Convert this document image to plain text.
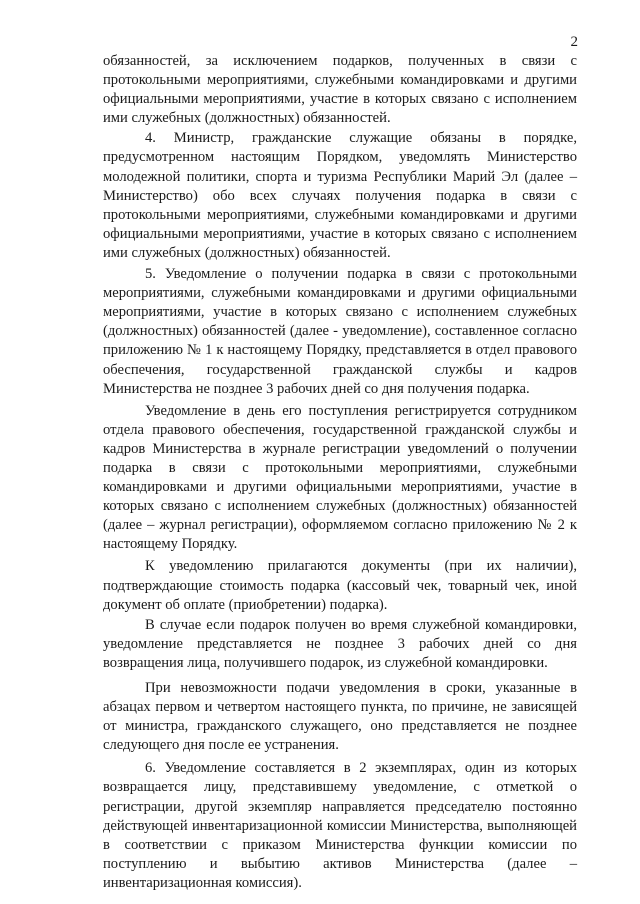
2

обязанностей, за исключением подарков, полученных в связи с протокольными мероприятиями, служебными командировками и другими официальными мероприятиями, участие в которых связано с исполнением ими служебных (должностных) обязанностей.

4. Министр, гражданские служащие обязаны в порядке, предусмотренном настоящим Порядком, уведомлять Министерство молодежной политики, спорта и туризма Республики Марий Эл (далее – Министерство) обо всех случаях получения подарка в связи с протокольными мероприятиями, служебными командировками и другими официальными мероприятиями, участие в которых связано с исполнением ими служебных (должностных) обязанностей.

5. Уведомление о получении подарка в связи с протокольными мероприятиями, служебными командировками и другими официальными мероприятиями, участие в которых связано с исполнением служебных (должностных) обязанностей (далее - уведомление), составленное согласно приложению № 1 к настоящему Порядку, представляется в отдел правового обеспечения, государственной гражданской службы и кадров Министерства не позднее 3 рабочих дней со дня получения подарка.

Уведомление в день его поступления регистрируется сотрудником отдела правового обеспечения, государственной гражданской службы и кадров Министерства в журнале регистрации уведомлений о получении подарка в связи с протокольными мероприятиями, служебными командировками и другими официальными мероприятиями, участие в которых связано с исполнением служебных (должностных) обязанностей (далее – журнал регистрации), оформляемом согласно приложению № 2 к настоящему Порядку.

К уведомлению прилагаются документы (при их наличии), подтверждающие стоимость подарка (кассовый чек, товарный чек, иной документ об оплате (приобретении) подарка).

В случае если подарок получен во время служебной командировки, уведомление представляется не позднее 3 рабочих дней со дня возвращения лица, получившего подарок, из служебной командировки.

При невозможности подачи уведомления в сроки, указанные в абзацах первом и четвертом настоящего пункта, по причине, не зависящей от министра, гражданского служащего, оно представляется не позднее следующего дня после ее устранения.

6. Уведомление составляется в 2 экземплярах, один из которых возвращается лицу, представившему уведомление, с отметкой о регистрации, другой экземпляр направляется председателю постоянно действующей инвентаризационной комиссии Министерства, выполняющей в соответствии с приказом Министерства функции комиссии по поступлению и выбытию активов Министерства (далее – инвентаризационная комиссия).
